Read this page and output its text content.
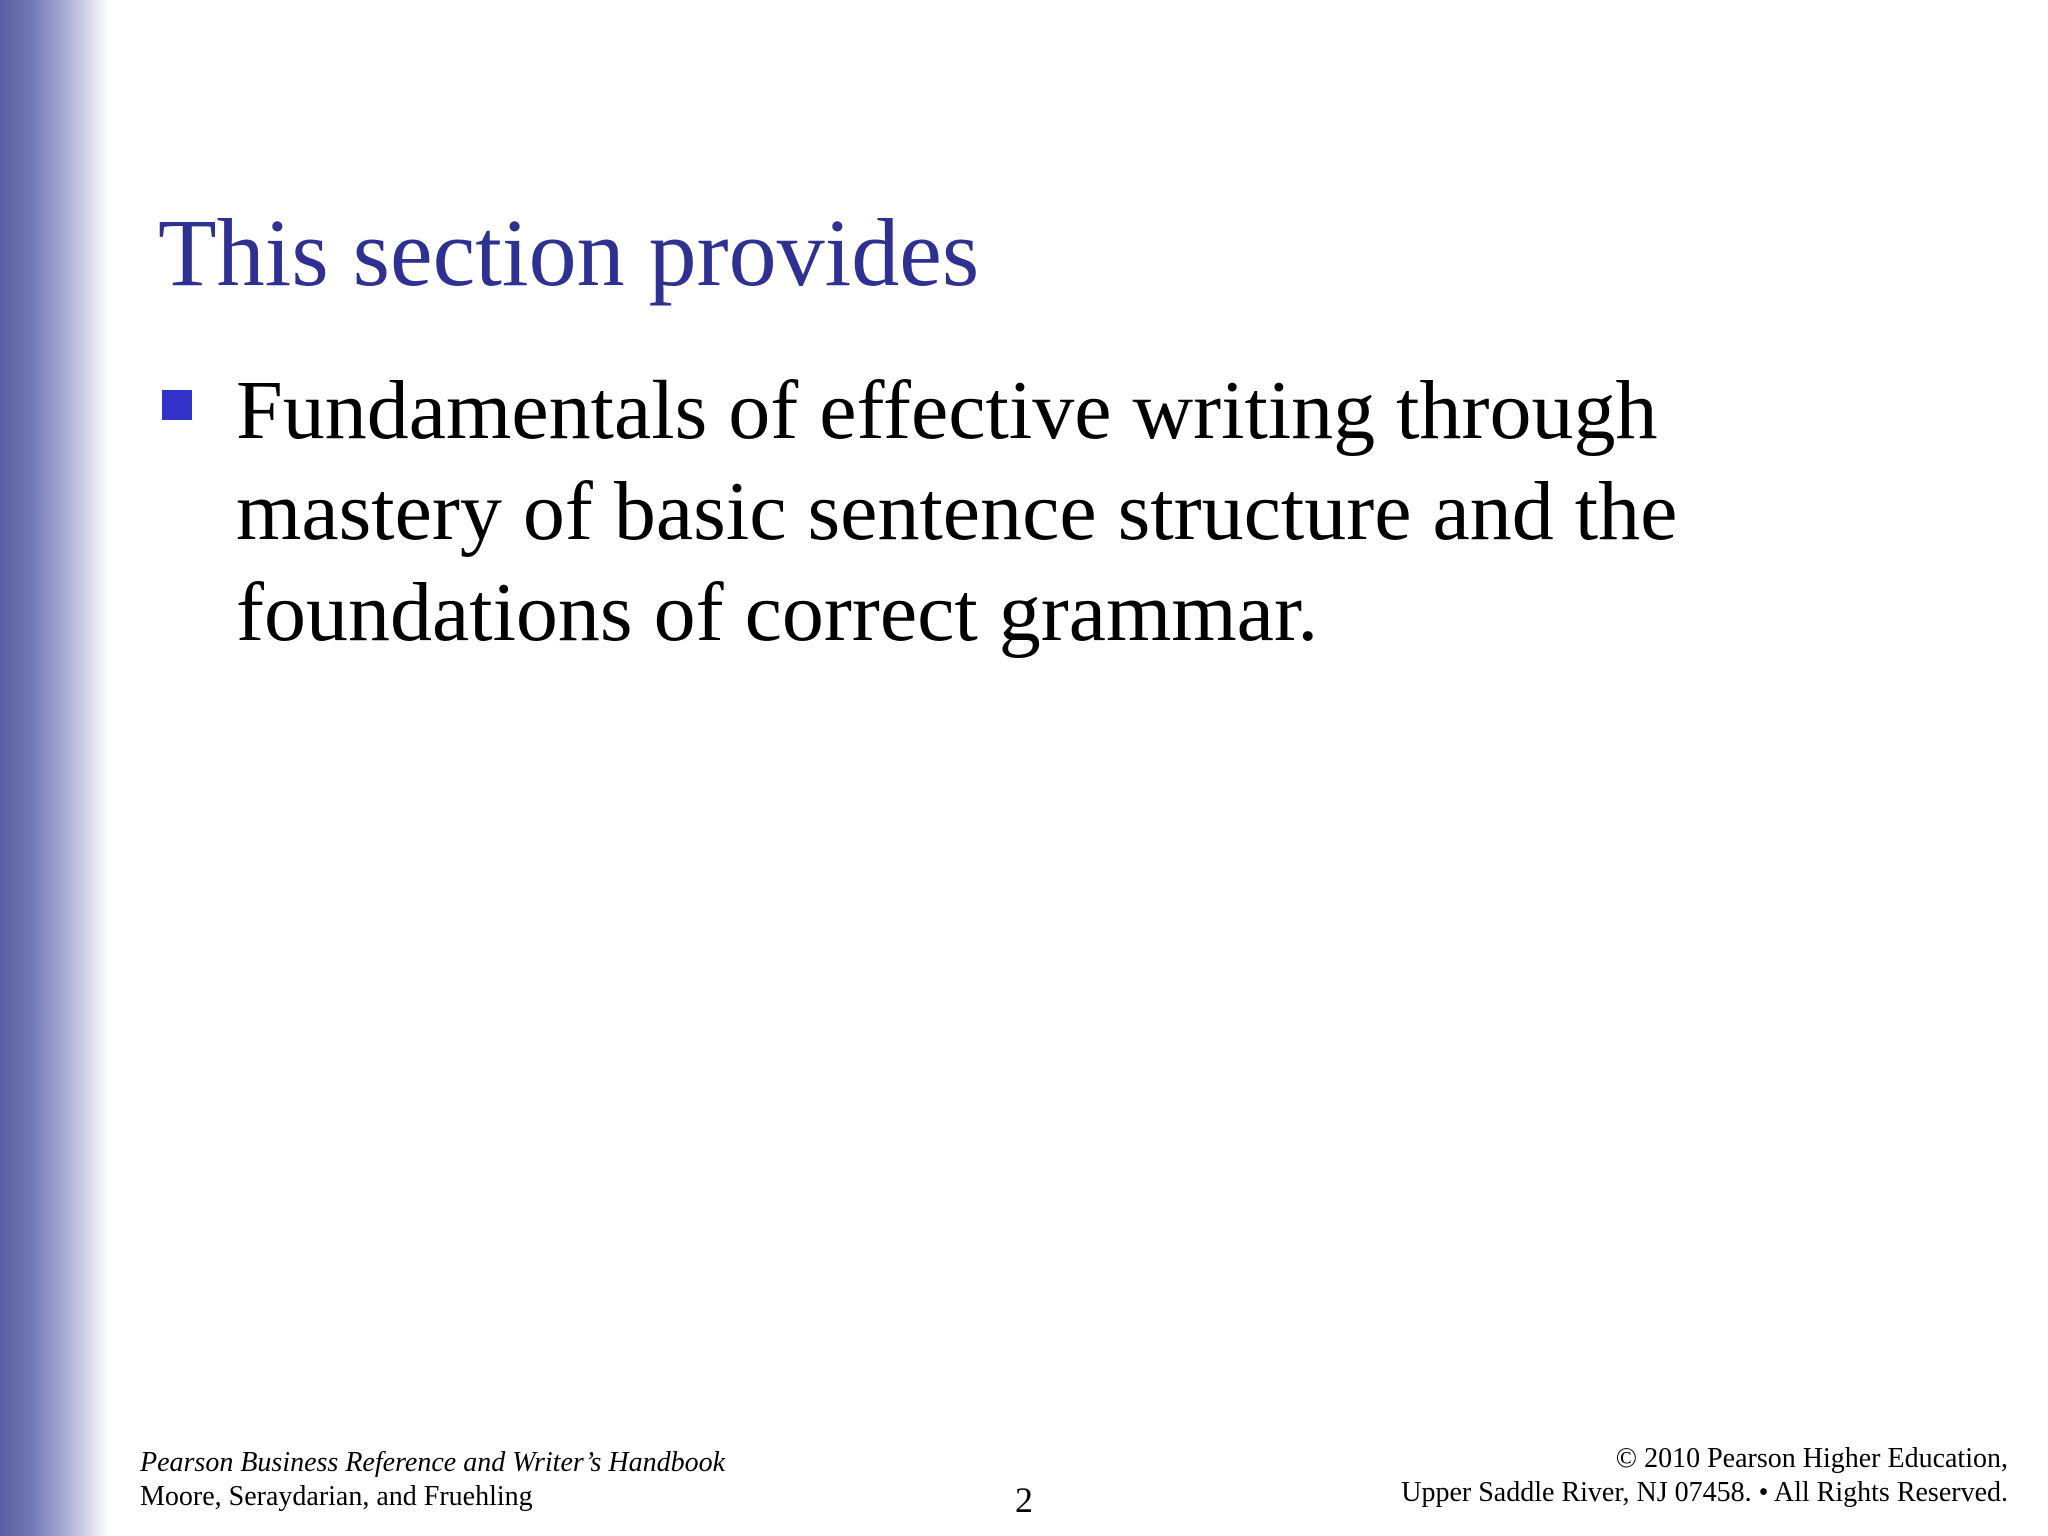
This section provides
Fundamentals of effective writing through mastery of basic sentence structure and the foundations of correct grammar.
Pearson Business Reference and Writer’s Handbook
Moore, Seraydarian, and Fruehling	2
© 2010 Pearson Higher Education,
Upper Saddle River, NJ 07458. • All Rights Reserved.
